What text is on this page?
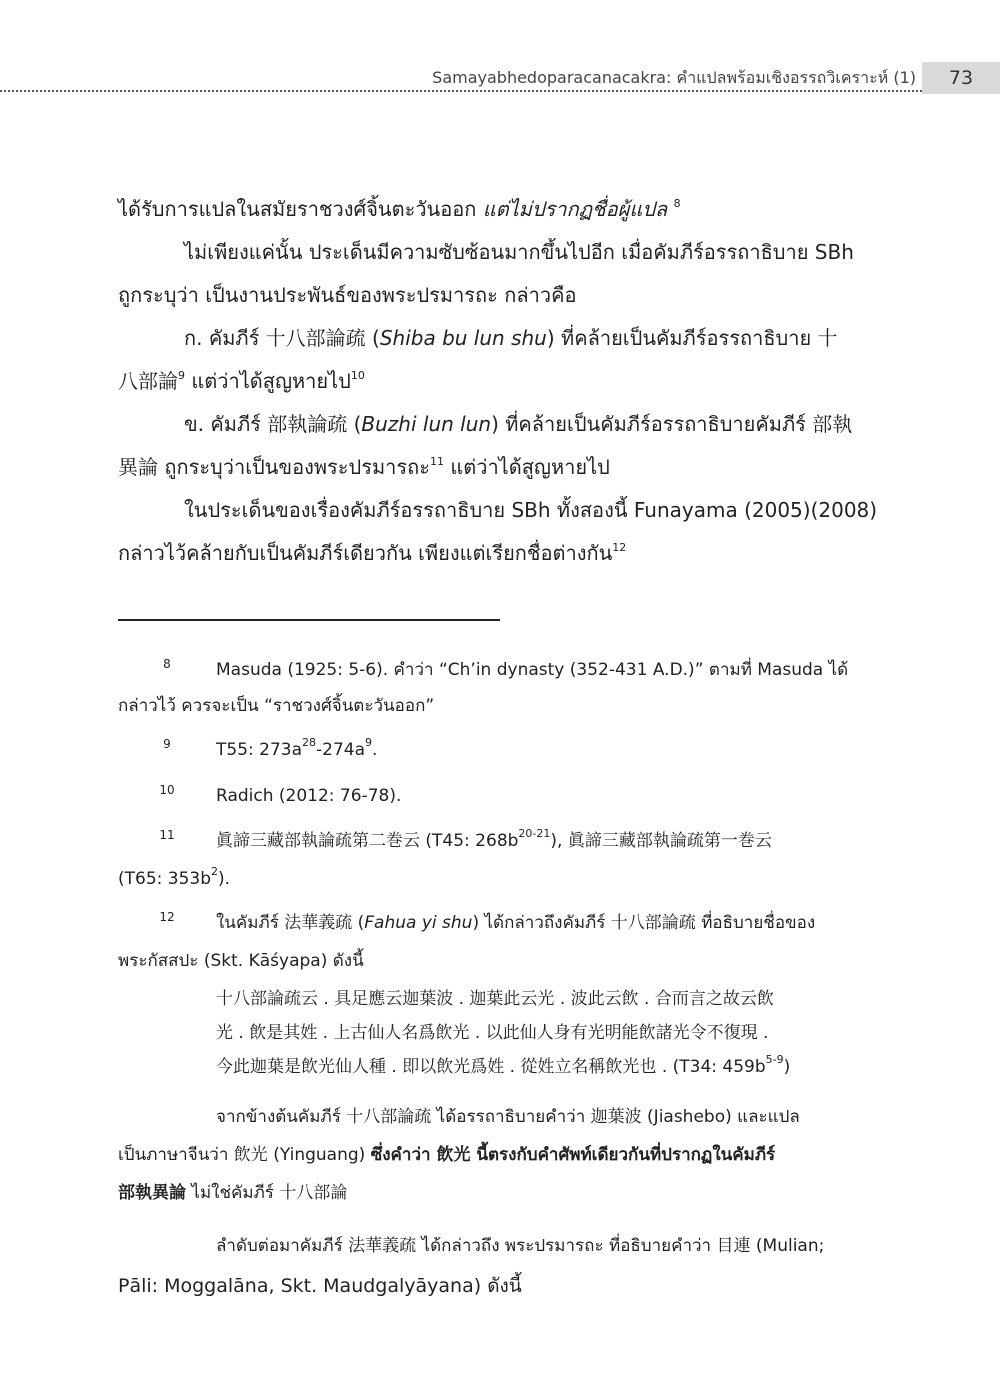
Samayabhedoparacanacakra: คำแปลพร้อมเชิงอรรถวิเคราะห์ (1)	73

ได้รับการแปลในสมัยราชวงศ์จิ้นตะวันออก แต่ไม่ปรากฏชื่อผู้แปล $^8$

ไม่เพียงแค่นั้น ประเด็นมีความซับซ้อนมากขึ้นไปอีก เมื่อคัมภีร์อรรถาธิบาย SBh

ถูกระบุว่า เป็นงานประพันธ์ของพระปรมารถะ กล่าวคือ

ก. คัมภีร์ 十八部論疏 (Shiba bu lun shu) ที่คล้ายเป็นคัมภีร์อรรถาธิบาย 十

八部論$^9$ แต่ว่าได้สูญหายไป$^{10}$

ข. คัมภีร์ 部執論疏 (Buzhi lun lun) ที่คล้ายเป็นคัมภีร์อรรถาธิบายคัมภีร์ 部執

異論 ถูกระบุว่าเป็นของพระปรมารถะ$^{11}$ แต่ว่าได้สูญหายไป

ในประเด็นของเรื่องคัมภีร์อรรถาธิบาย SBh ทั้งสองนี้ Funayama (2005)(2008)

กล่าวไว้คล้ายกับเป็นคัมภีร์เดียวกัน เพียงแต่เรียกชื่อต่างกัน$^{12}$

8	Masuda (1925: 5-6). คำว่า “Ch’in dynasty (352-431 A.D.)” ตามที่ Masuda ได้
กล่าวไว้ ควรจะเป็น “ราชวงศ์จิ้นตะวันออก”
9	T55: $273a^{28}-274a^9$.
10 Radich (2012: 76-78).
11 眞諦三藏部執論疏第二巻云 (T45: $268b^{20-21}$), 眞諦三藏部執論疏第一巻云
(T65: $353b^2$).
12 ในคัมภีร์ 法華義疏 (Fahua yi shu) ได้กล่าวถึงคัมภีร์ 十八部論疏 ที่อธิบายชื่อของ
พระกัสสปะ (Skt. Kāśyapa) ดังนี้
十八部論疏云 . 具足應云迦葉波 . 迦葉此云光 . 波此云飲 . 合而言之故云飲
光 . 飲是其姓 . 上古仙人名爲飲光 . 以此仙人身有光明能飲諸光令不復現 .
今此迦葉是飲光仙人種 . 即以飲光爲姓 . 從姓立名稱飲光也 . (T34: $459b^{5-9}$)
จากข้างต้นคัมภีร์ 十八部論疏 ได้อรรถาธิบายคำว่า 迦葉波 (Jiashebo) และแปล
เป็นภาษาจีนว่า 飲光 (Yinguang) ซึ่งคำว่า 飲光 นี้ตรงกับคำศัพท์เดียวกันที่ปรากฏในคัมภีร์
部執異論 ไม่ใช่คัมภีร์ 十八部論
ลำดับต่อมาคัมภีร์ 法華義疏 ได้กล่าวถึง พระปรมารถะ ที่อธิบายคำว่า 目連 (Mulian;
Pāli: Moggalāna, Skt. Maudgalyāyana) ดังนี้
